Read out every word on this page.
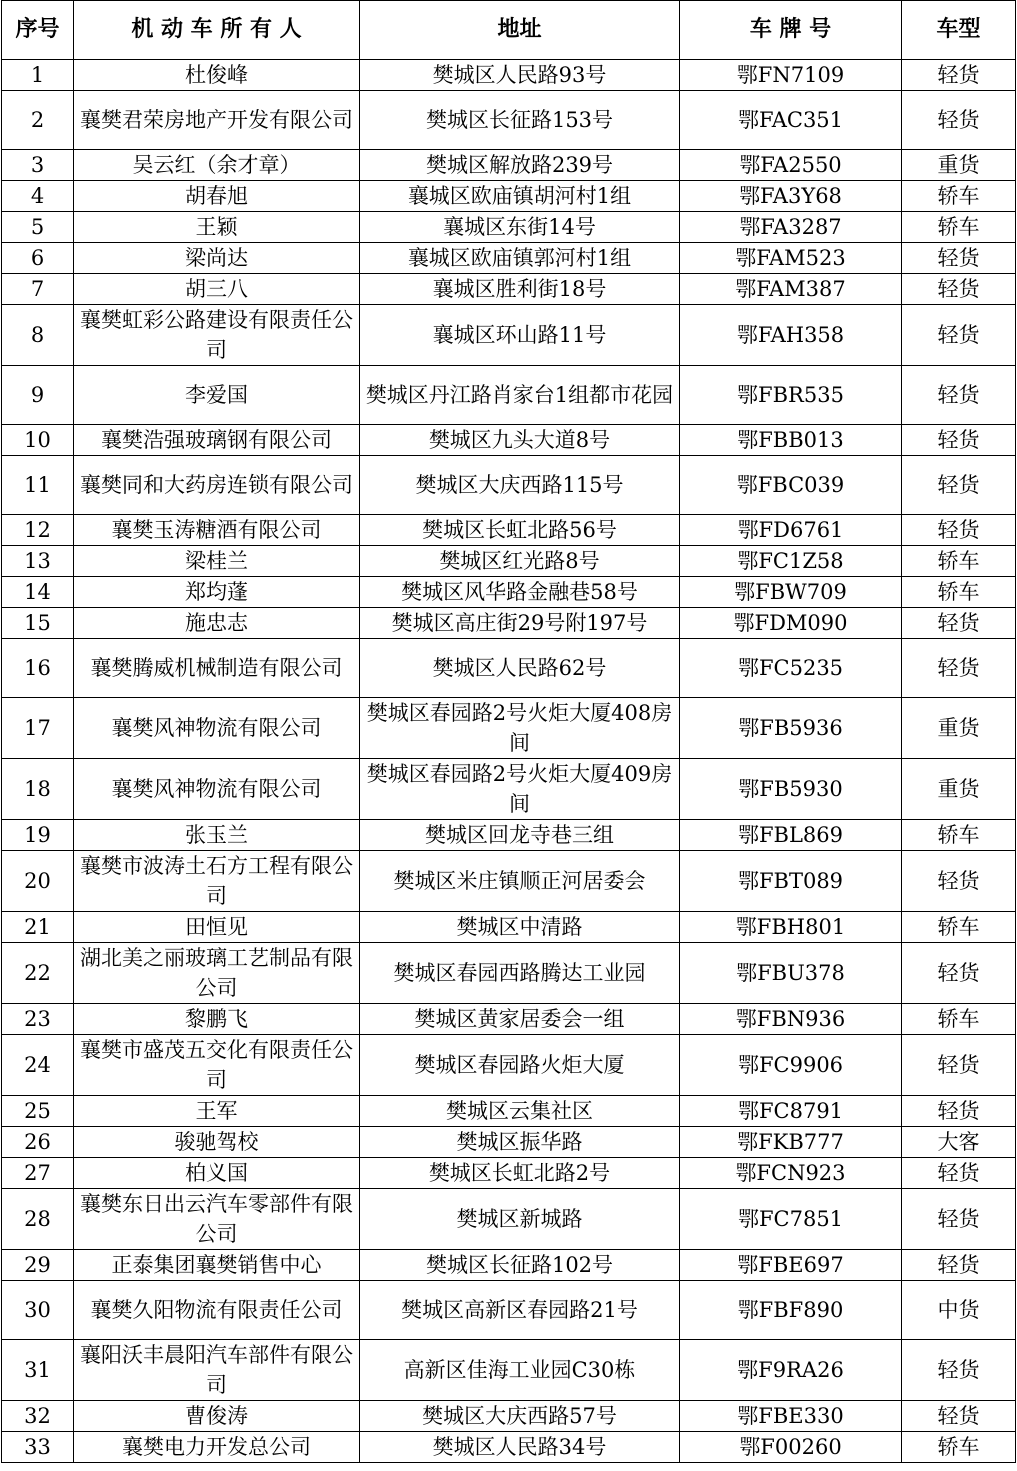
序号	机 动 车 所 有 人	地址	车 牌 号	车型
1	杜俊峰	樊城区人民路93号	鄂FN7109	轻货
2	襄樊君荣房地产开发有限公司	樊城区长征路153号	鄂FAC351	轻货
3	吴云红（余才章）	樊城区解放路239号	鄂FA2550	重货
4	胡春旭	襄城区欧庙镇胡河村1组	鄂FA3Y68	轿车
5	王颖	襄城区东街14号	鄂FA3287	轿车
6	梁尚达	襄城区欧庙镇郭河村1组	鄂FAM523	轻货
7	胡三八	襄城区胜利街18号	鄂FAM387	轻货
8	襄樊虹彩公路建设有限责任公司	襄城区环山路11号	鄂FAH358	轻货
9	李爱国	樊城区丹江路肖家台1组都市花园	鄂FBR535	轻货
10	襄樊浩强玻璃钢有限公司	樊城区九头大道8号	鄂FBB013	轻货
11	襄樊同和大药房连锁有限公司	樊城区大庆西路115号	鄂FBC039	轻货
12	襄樊玉涛糖酒有限公司	樊城区长虹北路56号	鄂FD6761	轻货
13	梁桂兰	樊城区红光路8号	鄂FC1Z58	轿车
14	郑均蓬	樊城区风华路金融巷58号	鄂FBW709	轿车
15	施忠志	樊城区高庄街29号附197号	鄂FDM090	轻货
16	襄樊腾威机械制造有限公司	樊城区人民路62号	鄂FC5235	轻货
17	襄樊风神物流有限公司	樊城区春园路2号火炬大厦408房间	鄂FB5936	重货
18	襄樊风神物流有限公司	樊城区春园路2号火炬大厦409房间	鄂FB5930	重货
19	张玉兰	樊城区回龙寺巷三组	鄂FBL869	轿车
20	襄樊市波涛土石方工程有限公司	樊城区米庄镇顺正河居委会	鄂FBT089	轻货
21	田恒见	樊城区中清路	鄂FBH801	轿车
22	湖北美之丽玻璃工艺制品有限公司	樊城区春园西路腾达工业园	鄂FBU378	轻货
23	黎鹏飞	樊城区黄家居委会一组	鄂FBN936	轿车
24	襄樊市盛茂五交化有限责任公司	樊城区春园路火炬大厦	鄂FC9906	轻货
25	王军	樊城区云集社区	鄂FC8791	轻货
26	骏驰驾校	樊城区振华路	鄂FKB777	大客
27	柏义国	樊城区长虹北路2号	鄂FCN923	轻货
28	襄樊东日出云汽车零部件有限公司	樊城区新城路	鄂FC7851	轻货
29	正泰集团襄樊销售中心	樊城区长征路102号	鄂FBE697	轻货
30	襄樊久阳物流有限责任公司	樊城区高新区春园路21号	鄂FBF890	中货
31	襄阳沃丰晨阳汽车部件有限公司	高新区佳海工业园C30栋	鄂F9RA26	轻货
32	曹俊涛	樊城区大庆西路57号	鄂FBE330	轻货
33	襄樊电力开发总公司	樊城区人民路34号	鄂F00260	轿车
